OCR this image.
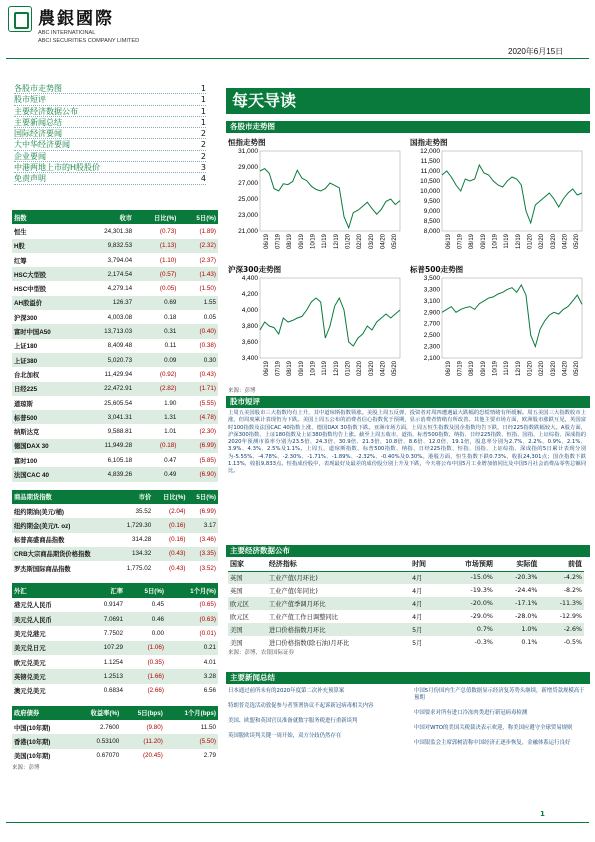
農銀國際
ABC INTERNATIONAL
ABCI SECURITIES COMPANY LIMITED
2020年6月15日
各股市走势图	1
股市短评	1
主要经济数据公布	1
主要新闻总结	1
国际经济要闻	2
大中华经济要闻	2
企业要闻	2
中港两地上市的H股股价	3
免责声明	4
指数	收市	日比(%)	5日(%)
恒生	24,301.38	(0.73)	(1.89)
H股	9,832.53	(1.13)	(2.32)
红筹	3,794.04	(1.10)	(2.37)
HSC大型股	2,174.54	(0.57)	(1.43)
HSC中型股	4,279.14	(0.05)	(1.50)
AH股溢价	126.37	0.69	1.55
沪深300	4,003.08	0.18	0.05
富时中国A50	13,713.03	0.31	(0.40)
上证180	8,409.48	0.11	(0.38)
上证380	5,020.73	0.09	0.30
台北加权	11,429.94	(0.92)	(0.43)
日经225	22,472.91	(2.82)	(1.71)
道琼斯	25,605.54	1.90	(5.55)
标普500	3,041.31	1.31	(4.78)
纳斯达克	9,588.81	1.01	(2.30)
德国DAX 30	11,949.28	(0.18)	(6.99)
富时100	6,105.18	0.47	(5.85)
法国CAC 40	4,839.26	0.49	(6.90)
商品期货指数	市价	日比(%)	5日(%)
纽约期油(美元/桶)	35.52	(2.04)	(6.99)
纽约期金(美元/t. oz)	1,729.30	(0.16)	3.17
标普高盛商品指数	314.28	(0.16)	(3.46)
CRB大宗商品期货价格指数	134.32	(0.43)	(3.35)
罗杰斯国际商品指数	1,775.02	(0.43)	(3.52)
外汇	汇率	5日(%)	1个月(%)
港元兑人民币	0.9147	0.45	(0.65)
美元兑人民币	7.0691	0.46	(0.63)
美元兑港元	7.7502	0.00	(0.01)
美元兑日元	107.29	(1.06)	0.21
欧元兑美元	1.1254	(0.35)	4.01
英镑兑美元	1.2513	(1.66)	3.28
澳元兑美元	0.6834	(2.66)	6.56
政府债券	收益率(%)	5日(bps)	1个月(bps)
中国(10年期)	2.7600	(9.80)	11.50
香港(10年期)	0.53100	(11.20)	(5.50)
美国(10年期)	0.67070	(20.45)	2.79
来源：彭博
每天导读
各股市走势图
恒指走势图
21,000
23,000
25,000
27,000
29,000
31,000
06/19 07/19 08/19 09/19 10/19 11/19 12/19 01/20 02/20 03/20 04/20 05/20
国指走势图
8,000
8,500
9,000
9,500
10,000
10,500
11,000
11,500
12,000
06/19 07/19 08/19 09/19 10/19 11/19 12/19 01/20 02/20 03/20 04/20 05/20
沪深300走势图
3,400
3,600
3,800
4,000
4,200
4,400
06/19 07/19 08/19 09/19 10/19 11/19 12/19 01/20 02/20 03/20 04/20 05/20
标普500走势图
2,100
2,300
2,500
2,700
2,900
3,100
3,300
3,500
06/19 07/19 08/19 09/19 10/19 11/19 12/19 01/20 02/20 03/20 04/20 05/20
来源：彭博
股市短评
上周五美国股市三大指数均有上升，其中道琼斯指数领涨。美股上周五反弹，投资者对周四遭遇最大跌幅的恐慌情绪有所缓解。周五美国三大指数收市上涨，但周度累计表现仍为下跌。美国上周五公布的消费者信心指数优于预期，显示消费者情绪有所改善。其他主要市场方面，欧洲股市涨跌互见，英国富时100指数及法国CAC 40指数上涨，德国DAX 30指数下跌。亚洲市场方面，上周五恒生指数及国企指数均告下跌，日经225指数跌幅较大。A股方面，沪深300指数、上证180指数及上证380指数均告上涨。截至上周五收市，道指、标普500指数、纳指、日经225指数、恒指、国指、上证综指、深成指的2020年预测市盈率分别为23.5倍、24.3倍、30.9倍、21.3倍、10.8倍、8.6倍、12.0倍、19.1倍，股息率分别为2.7%、2.2%、0.9%、2.1%、3.9%、4.3%、2.5%及1.1%。上周五，道琼斯指数、标普500指数、纳指、日经225指数、恒指、国指、上证综指、深成指的5日累计表现分别为-5.55%、-4.78%、-2.30%、-1.71%、-1.89%、-2.32%、-0.40%及0.30%。港股方面，恒生指数下跌0.73%，收报24,301点；国企指数下跌1.13%，收报9,833点。恒指成份股中，表现最好及最差的成份股分别上升及下跌，今天将公布中国5月工业增加值同比及中国5月社会消费品零售总额同比。
主要经济数据公布
国家	经济指标	时间	市场预期	实际值	前值
英国	工业产值(月环比)	4月	-15.0%	-20.3%	-4.2%
英国	工业产值(年同比)	4月	-19.3%	-24.4%	-8.2%
欧元区	工业产值季调月环比	4月	-20.0%	-17.1%	-11.3%
欧元区	工业产值工作日调整同比	4月	-29.0%	-28.0%	-12.9%
美国	进口价格指数月环比	5月	0.7%	1.0%	-2.6%
美国	进口价格指数(除石油)月环比	5月	-0.3%	0.1%	-0.5%
来源：彭博、农银国际证券
主要新闻总结
日本通过前所未有的2020年度第二次补充预算案
特朗普竞选活动敦促参与者签署协议不起诉新冠病毒相关内容
美国、欧盟和英国官员准备就数字服务税进行重新谈判
英国脱欧谈判关键一周开始，双方分歧仍然存在
中国5月份国内生产总值数据显示经济复苏势头继续，新增贷款规模高于预期
中国要求对所有进口冷冻肉类进行新冠病毒检测
中国对WTO的美国关税裁决表示欢迎，称美国应遵守全球贸易规则
中国银监会主席郭树清称中国经济正逐步恢复，金融体系运行良好
1
